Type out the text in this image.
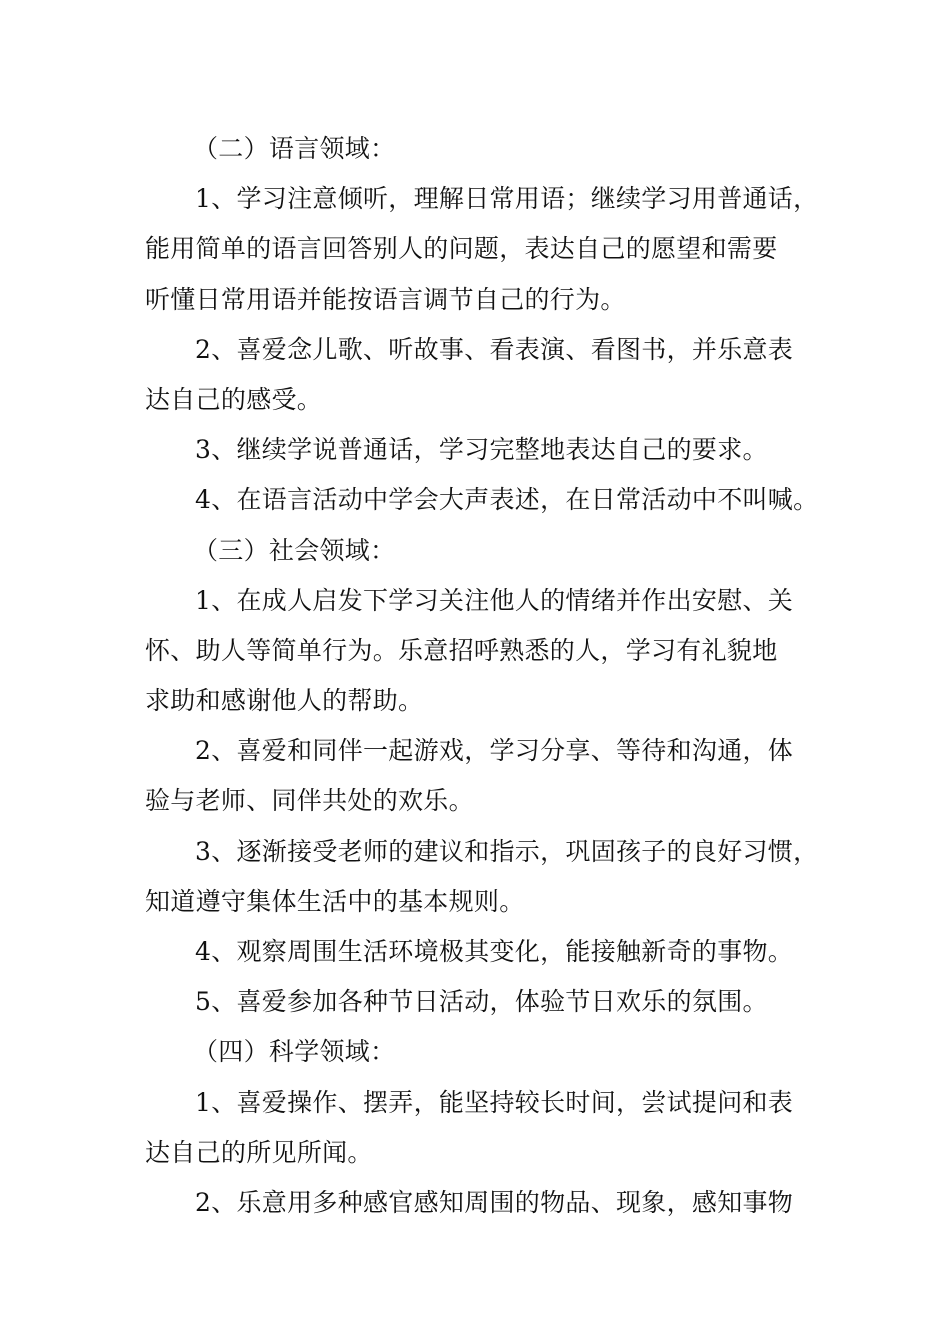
（二）语言领域：
1、学习注意倾听，理解日常用语；继续学习用普通话，
能用简单的语言回答别人的问题，表达自己的愿望和需要
听懂日常用语并能按语言调节自己的行为。
2、喜爱念儿歌、听故事、看表演、看图书，并乐意表
达自己的感受。
3、继续学说普通话，学习完整地表达自己的要求。
4、在语言活动中学会大声表述，在日常活动中不叫喊。
（三）社会领域：
1、在成人启发下学习关注他人的情绪并作出安慰、关
怀、助人等简单行为。乐意招呼熟悉的人，学习有礼貌地
求助和感谢他人的帮助。
2、喜爱和同伴一起游戏，学习分享、等待和沟通，体
验与老师、同伴共处的欢乐。
3、逐渐接受老师的建议和指示，巩固孩子的良好习惯，
知道遵守集体生活中的基本规则。
4、观察周围生活环境极其变化，能接触新奇的事物。
5、喜爱参加各种节日活动，体验节日欢乐的氛围。
（四）科学领域：
1、喜爱操作、摆弄，能坚持较长时间，尝试提问和表
达自己的所见所闻。
2、乐意用多种感官感知周围的物品、现象，感知事物
